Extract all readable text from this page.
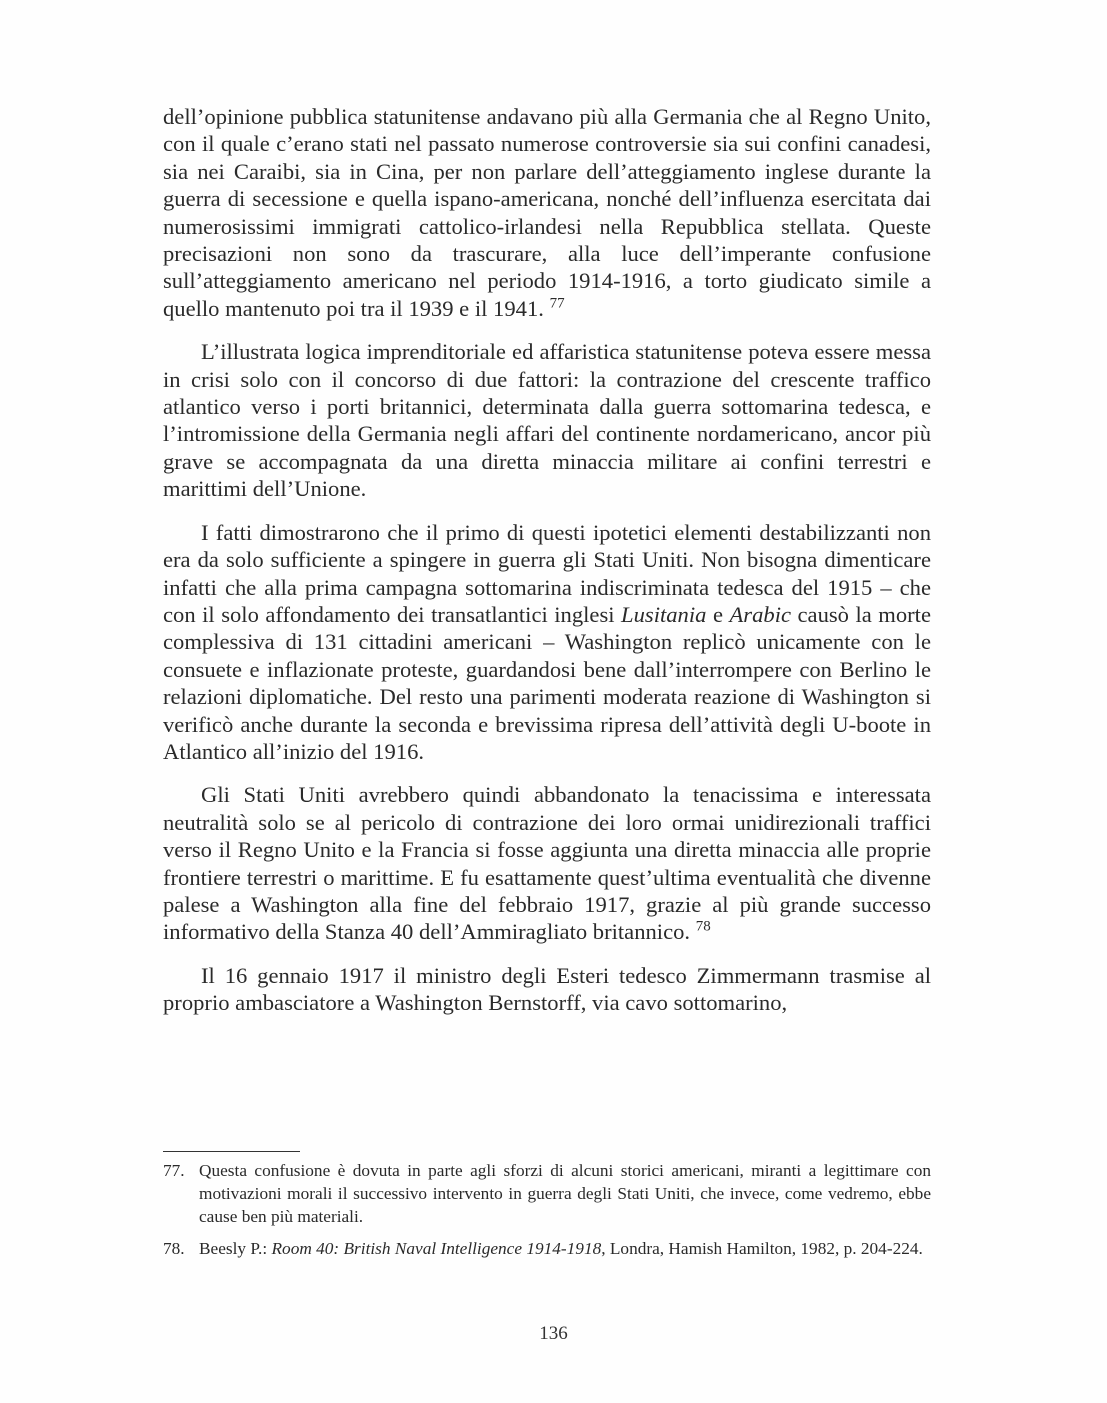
dell’opinione pubblica statunitense andavano più alla Germania che al Regno Unito, con il quale c’erano stati nel passato numerose controversie sia sui confini canadesi, sia nei Caraibi, sia in Cina, per non parlare dell’atteggiamento inglese durante la guerra di secessione e quella ispano-americana, nonché dell’influenza esercitata dai numerosissimi immigrati cattolico-irlandesi nella Repubblica stellata. Queste precisazioni non sono da trascurare, alla luce dell’imperante confusione sull’atteggiamento americano nel periodo 1914-1916, a torto giudicato simile a quello mantenuto poi tra il 1939 e il 1941. $^{77}$

L’illustrata logica imprenditoriale ed affaristica statunitense poteva essere messa in crisi solo con il concorso di due fattori: la contrazione del crescente traffico atlantico verso i porti britannici, determinata dalla guerra sottomarina tedesca, e l’intromissione della Germania negli affari del continente nordamericano, ancor più grave se accompagnata da una diretta minaccia militare ai confini terrestri e marittimi dell’Unione.

I fatti dimostrarono che il primo di questi ipotetici elementi destabilizzanti non era da solo sufficiente a spingere in guerra gli Stati Uniti. Non bisogna dimenticare infatti che alla prima campagna sottomarina indiscriminata tedesca del 1915 – che con il solo affondamento dei transatlantici inglesi Lusitania e Arabic causò la morte complessiva di 131 cittadini americani – Washington replicò unicamente con le consuete e inflazionate proteste, guardandosi bene dall’interrompere con Berlino le relazioni diplomatiche. Del resto una parimenti moderata reazione di Washington si verificò anche durante la seconda e brevissima ripresa dell’attività degli U-boote in Atlantico all’inizio del 1916.

Gli Stati Uniti avrebbero quindi abbandonato la tenacissima e interessata neutralità solo se al pericolo di contrazione dei loro ormai unidirezionali traffici verso il Regno Unito e la Francia si fosse aggiunta una diretta minaccia alle proprie frontiere terrestri o marittime. E fu esattamente quest’ultima eventualità che divenne palese a Washington alla fine del febbraio 1917, grazie al più grande successo informativo della Stanza 40 dell’Ammiragliato britannico. $^{78}$

Il 16 gennaio 1917 il ministro degli Esteri tedesco Zimmermann trasmise al proprio ambasciatore a Washington Bernstorff, via cavo sottomarino,

77. Questa confusione è dovuta in parte agli sforzi di alcuni storici americani, miranti a legittimare con motivazioni morali il successivo intervento in guerra degli Stati Uniti, che invece, come vedremo, ebbe cause ben più materiali.

78. Beesly P.: Room 40: British Naval Intelligence 1914-1918, Londra, Hamish Hamilton, 1982, p. 204-224.

136
